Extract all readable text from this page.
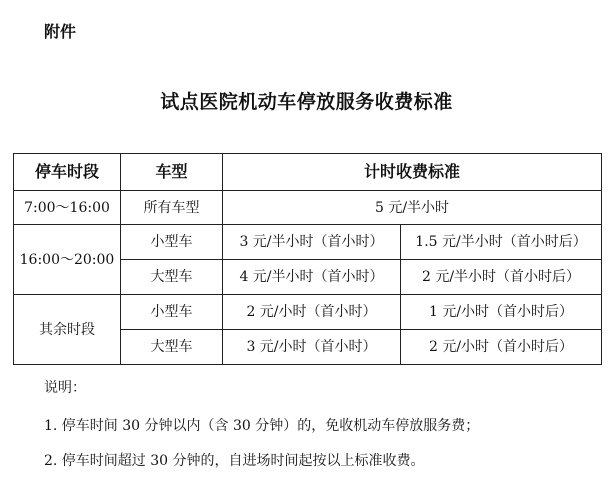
附件
试点医院机动车停放服务收费标准
停车时段	车型	计时收费标准	
7:00～16:00	所有车型	5 元/半小时	
16:00～20:00	小型车	3 元/半小时（首小时）	1.5 元/半小时（首小时后）
	大型车	4 元/半小时（首小时）	2 元/半小时（首小时后）
其余时段	小型车	2 元/小时（首小时）	1 元/小时（首小时后）
	大型车	3 元/小时（首小时）	2 元/小时（首小时后）
说明：
1. 停车时间 30 分钟以内（含 30 分钟）的，免收机动车停放服务费；
2. 停车时间超过 30 分钟的，自进场时间起按以上标准收费。
